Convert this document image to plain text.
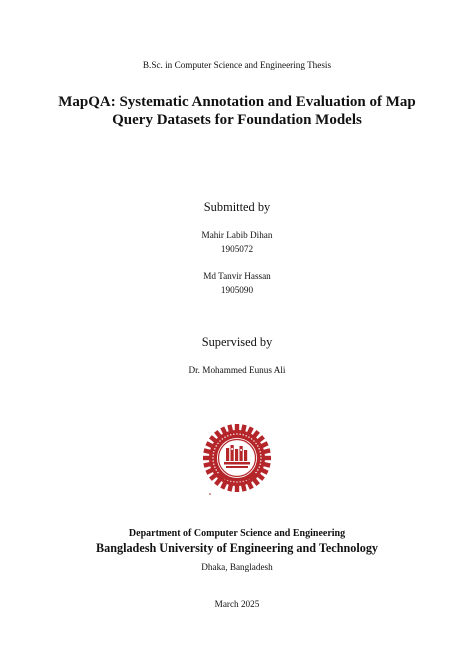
B.Sc. in Computer Science and Engineering Thesis
MapQA: Systematic Annotation and Evaluation of Map
Query Datasets for Foundation Models
Submitted by
Mahir Labib Dihan
1905072
Md Tanvir Hassan
1905090
Supervised by
Dr. Mohammed Eunus Ali
Department of Computer Science and Engineering
Bangladesh University of Engineering and Technology
Dhaka, Bangladesh
March 2025
